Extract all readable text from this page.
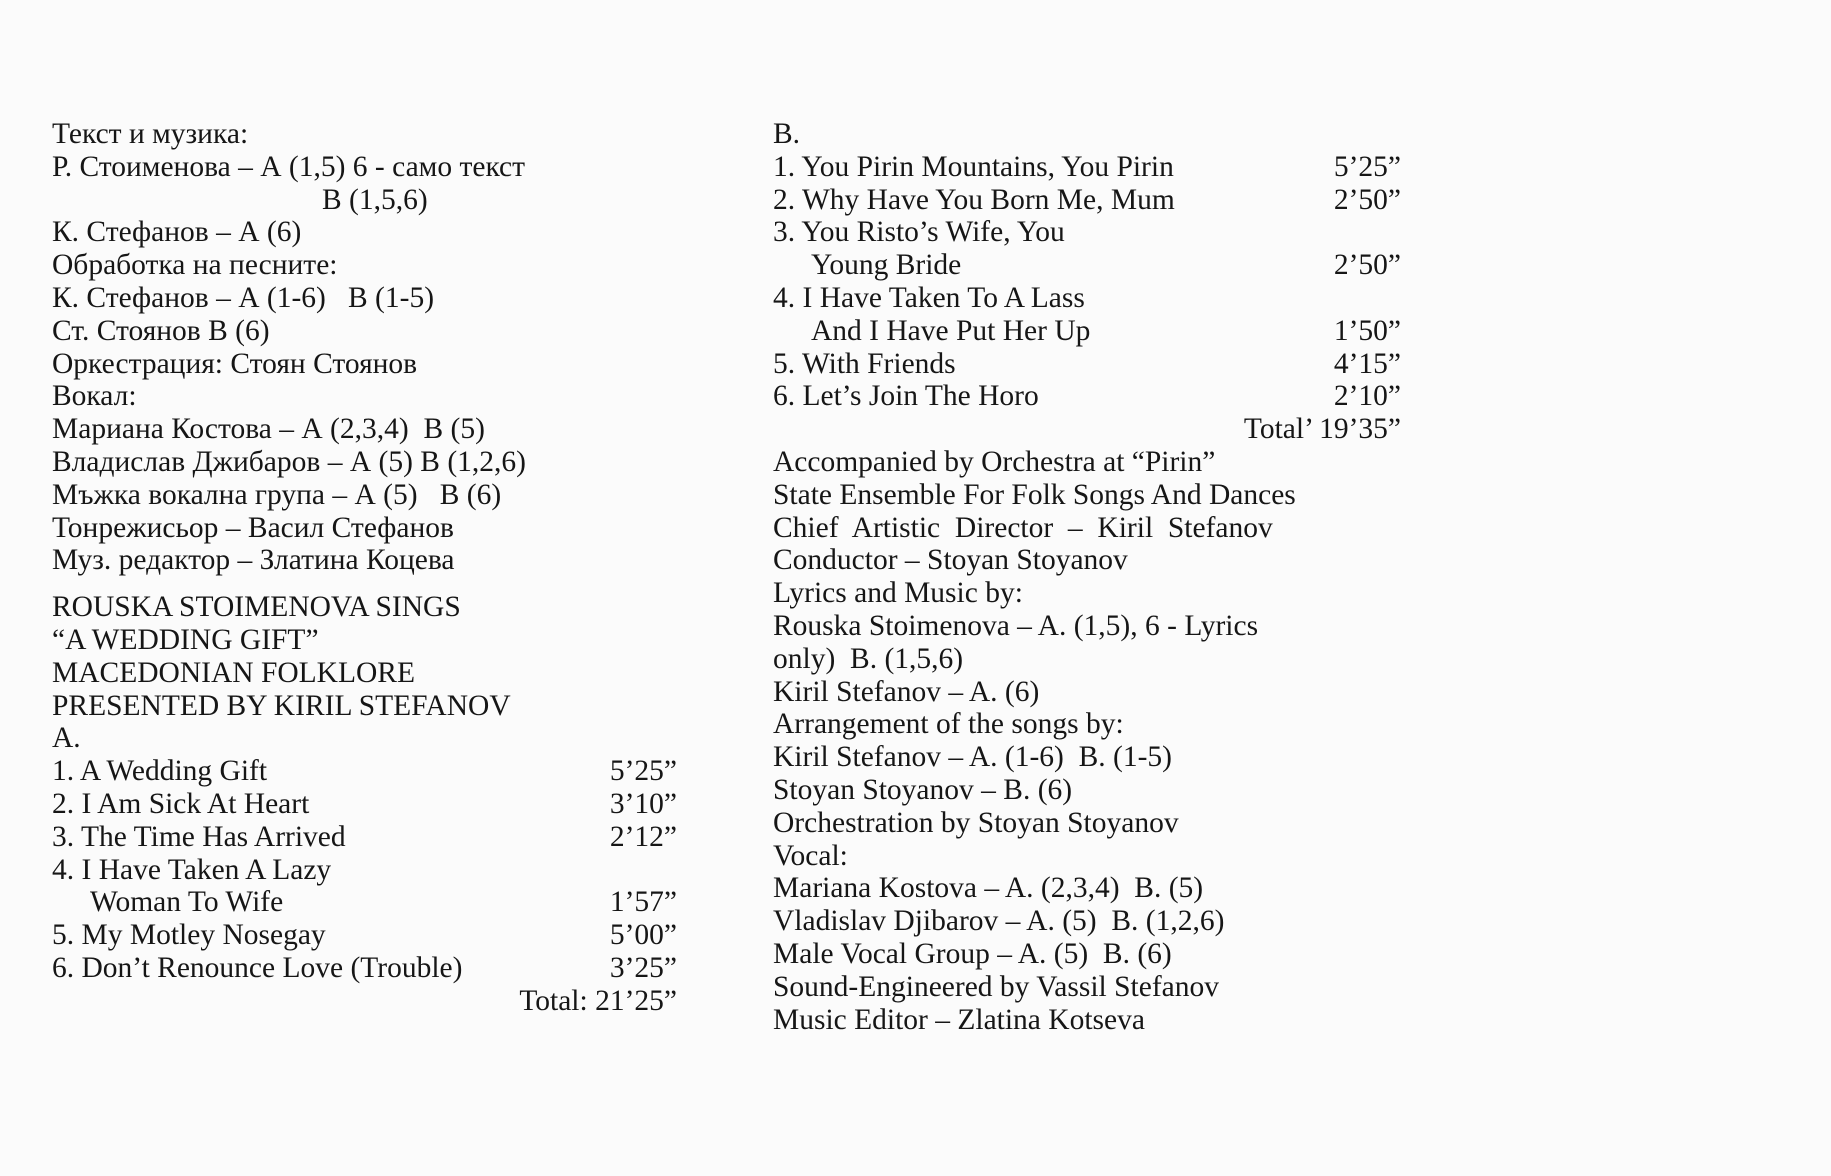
Текст и музика:
Р. Стоименова – А (1,5) 6 - само текст
В (1,5,6)
К. Стефанов – А (6)
Обработка на песните:
К. Стефанов – А (1-6)   В (1-5)
Ст. Стоянов В (6)
Оркестрация: Стоян Стоянов
Вокал:
Мариана Костова – А (2,3,4)  В (5)
Владислав Джибаров – А (5) В (1,2,6)
Мъжка вокална група – А (5)   В (6)
Тонрежисьор – Васил Стефанов
Муз. редактор – Златина Коцева
ROUSKA STOIMENOVA SINGS
“A WEDDING GIFT”
MACEDONIAN FOLKLORE
PRESENTED BY KIRIL STEFANOV
A.
1. A Wedding Gift	5’25”
2. I Am Sick At Heart	3’10”
3. The Time Has Arrived	2’12”
4. I Have Taken A Lazy
Woman To Wife	1’57”
5. My Motley Nosegay	5’00”
6. Don’t Renounce Love (Trouble)	3’25”
Total: 21’25”
B.
1. You Pirin Mountains, You Pirin	5’25”
2. Why Have You Born Me, Mum	2’50”
3. You Risto’s Wife, You
Young Bride	2’50”
4. I Have Taken To A Lass
And I Have Put Her Up	1’50”
5. With Friends	4’15”
6. Let’s Join The Horo	2’10”
Total’ 19’35”
Accompanied by Orchestra at “Pirin”
State Ensemble For Folk Songs And Dances
Chief  Artistic  Director  –  Kiril  Stefanov
Conductor – Stoyan Stoyanov
Lyrics and Music by:
Rouska Stoimenova – A. (1,5), 6 - Lyrics
only)  B. (1,5,6)
Kiril Stefanov – A. (6)
Arrangement of the songs by:
Kiril Stefanov – A. (1-6)  B. (1-5)
Stoyan Stoyanov – B. (6)
Orchestration by Stoyan Stoyanov
Vocal:
Mariana Kostova – A. (2,3,4)  B. (5)
Vladislav Djibarov – A. (5)  B. (1,2,6)
Male Vocal Group – A. (5)  B. (6)
Sound-Engineered by Vassil Stefanov
Music Editor – Zlatina Kotseva
